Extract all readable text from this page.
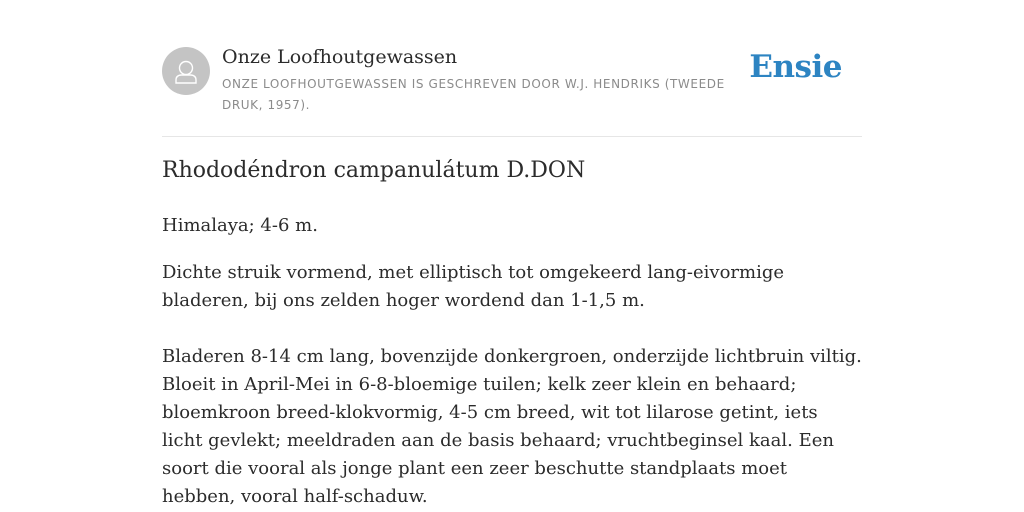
Onze Loofhoutgewassen
ONZE LOOFHOUTGEWASSEN IS GESCHREVEN DOOR W.J. HENDRIKS (TWEEDE DRUK, 1957).
Ensie
Rhododéndron campanulátum D.DON

Himalaya; 4-6 m.

Dichte struik vormend, met elliptisch tot omgekeerd lang-eivormige bladeren, bij ons zelden hoger wordend dan 1-1,5 m.

Bladeren 8-14 cm lang, bovenzijde donkergroen, onderzijde lichtbruin viltig. Bloeit in April-Mei in 6-8-bloemige tuilen; kelk zeer klein en behaard; bloemkroon breed-klokvormig, 4-5 cm breed, wit tot lilarose getint, iets licht gevlekt; meeldraden aan de basis behaard; vruchtbeginsel kaal. Een soort die vooral als jonge plant een zeer beschutte standplaats moet hebben, vooral half-schaduw.
